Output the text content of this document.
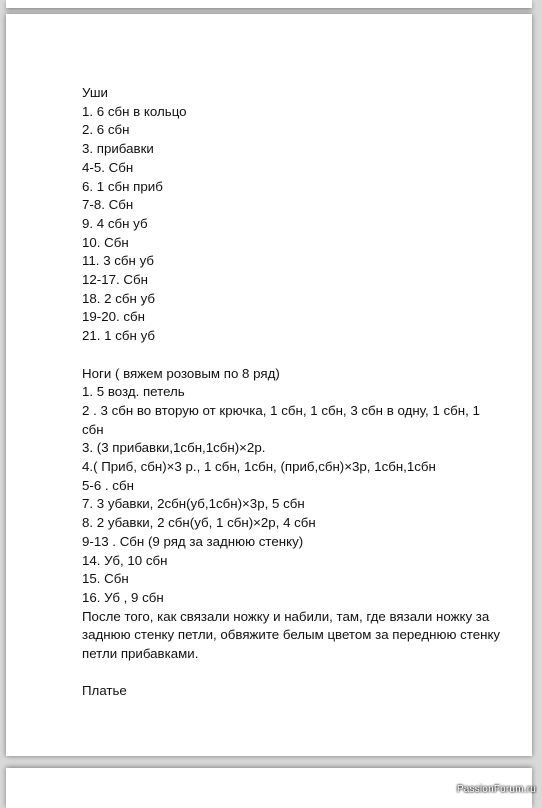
Уши

1. 6 сбн в кольцо

2. 6 сбн

3. прибавки

4-5. Сбн

6. 1 сбн приб

7-8. Сбн

9. 4 сбн уб

10. Сбн

11. 3 сбн уб

12-17. Сбн

18. 2 сбн уб

19-20. сбн

21. 1 сбн уб

Ноги ( вяжем розовым по 8 ряд)

1. 5 возд. петель

2 . 3 сбн во вторую от крючка, 1 сбн, 1 сбн, 3 сбн в одну, 1 сбн, 1 сбн

3. (3 прибавки,1сбн,1сбн)×2р.

4.( Приб, сбн)×3 р., 1 сбн, 1сбн, (приб,сбн)×3р, 1сбн,1сбн

5-6 . сбн

7. 3 убавки, 2сбн(уб,1сбн)×3р, 5 сбн

8. 2 убавки, 2 сбн(уб, 1 сбн)×2р, 4 сбн

9-13 . Сбн (9 ряд за заднюю стенку)

14. Уб, 10 сбн

15. Сбн

16. Уб , 9 сбн

После того, как связали ножку и набили, там, где вязали ножку за заднюю стенку петли, обвяжите белым цветом за переднюю стенку петли прибавками.

Платье

PassionForum.ru
